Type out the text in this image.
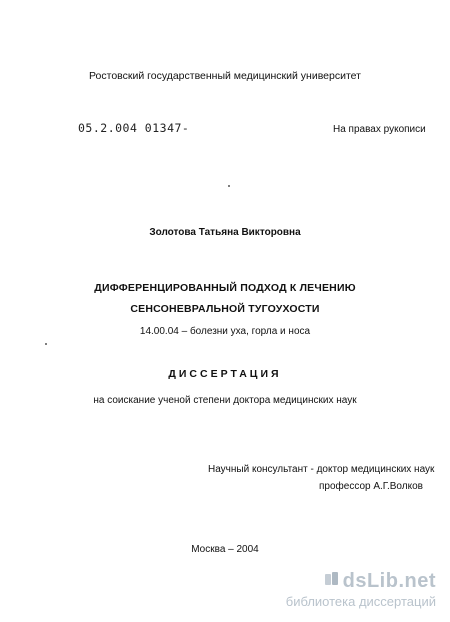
Ростовский государственный медицинский университет
05.2.004 01347-	На правах рукописи
Золотова Татьяна Викторовна
ДИФФЕРЕНЦИРОВАННЫЙ ПОДХОД К ЛЕЧЕНИЮ
СЕНСОНЕВРАЛЬНОЙ ТУГОУХОСТИ
14.00.04 – болезни уха, горла и носа
ДИССЕРТАЦИЯ
на соискание ученой степени доктора медицинских наук
Научный консультант - доктор медицинских наук
профессор А.Г.Волков
Москва – 2004
dsLib.net
библиотека диссертаций
